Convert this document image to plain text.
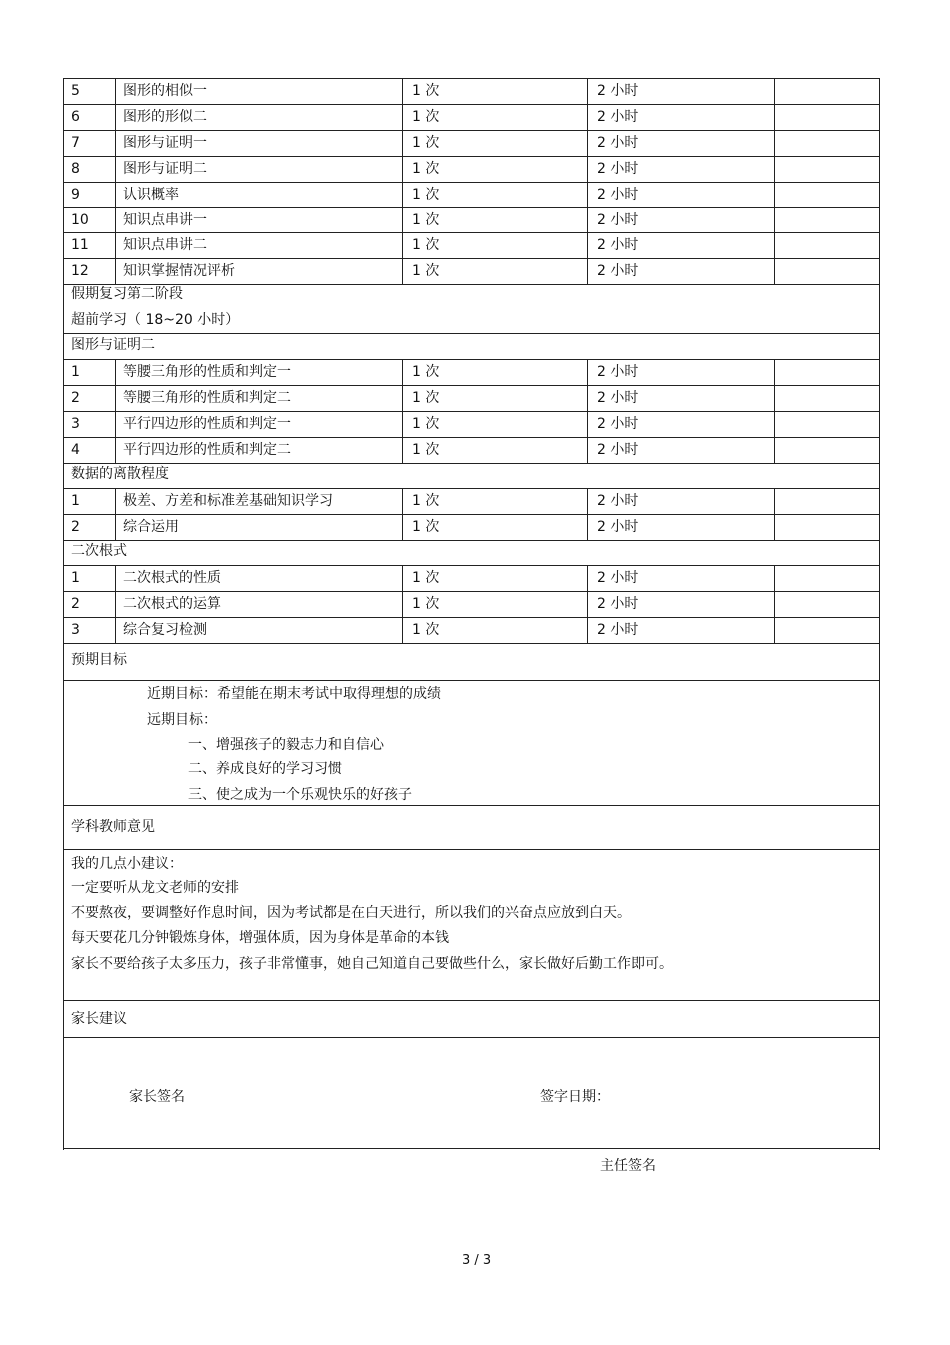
5	图形的相似一	1 次	2 小时
6	图形的形似二	1 次	2 小时
7	图形与证明一	1 次	2 小时
8	图形与证明二	1 次	2 小时
9	认识概率	1 次	2 小时
10 知识点串讲一	1 次	2 小时
11 知识点串讲二	1 次	2 小时
12 知识掌握情况评析	1 次	2 小时
假期复习第二阶段
超前学习（ 18~20 小时）
图形与证明二
1	等腰三角形的性质和判定一	1 次	2 小时
2	等腰三角形的性质和判定二	1 次	2 小时
3	平行四边形的性质和判定一	1 次	2 小时
4	平行四边形的性质和判定二	1 次	2 小时
数据的离散程度
1	极差、方差和标准差基础知识学习	1 次	2 小时
2	综合运用	1 次	2 小时
二次根式
1	二次根式的性质	1 次	2 小时
2	二次根式的运算	1 次	2 小时
3	综合复习检测	1 次	2 小时
预期目标
近期目标：希望能在期末考试中取得理想的成绩
远期目标：
一、增强孩子的毅志力和自信心
二、养成良好的学习习惯
三、使之成为一个乐观快乐的好孩子
学科教师意见
我的几点小建议：
一定要听从龙文老师的安排
不要熬夜，要调整好作息时间，因为考试都是在白天进行，所以我们的兴奋点应放到白天。
每天要花几分钟锻炼身体，增强体质，因为身体是革命的本钱
家长不要给孩子太多压力，孩子非常懂事，她自己知道自己要做些什么，家长做好后勤工作即可。
家长建议
家长签名	签字日期：
主任签名
3 / 3
